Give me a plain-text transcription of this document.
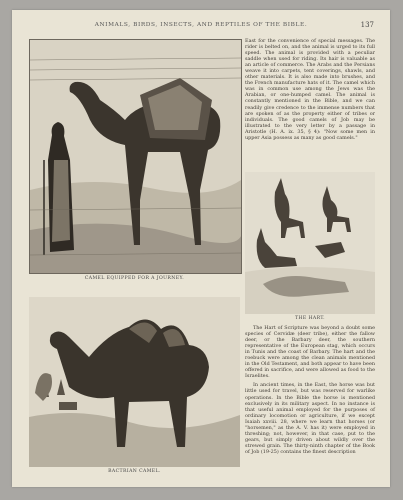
ANIMALS, BIRDS, INSECTS, AND REPTILES OF THE BIBLE.	137
CAMEL EQUIPPED FOR A JOURNEY.
THE HART.
BACTRIAN CAMEL.

East for the convenience of special messages. The rider is belted on, and the animal is urged to its full speed. The animal is provided with a peculiar saddle when used for riding. Its hair is valuable as an article of commerce. The Arabs and the Persians weave it into carpets, tent coverings, shawls, and other materials. It is also made into brushes, and the French manufacture hats of it. The camel which was in common use among the Jews was the Arabian, or one-humped camel. The animal is constantly mentioned in the Bible, and we can readily give credence to the immense numbers that are spoken of as the property either of tribes or individuals. The good camels of Job may be illustrated to the very letter by a passage in Aristotle (H. A. ix. 35, § 4): "Now some men in upper Asia possess as many as good camels."

The Hart of Scripture was beyond a doubt some species of Cervidæ (deer tribe), either the fallow deer, or the Barbary deer, the southern representative of the European stag, which occurs in Tunis and the coast of Barbary. The hart and the roebuck were among the clean animals mentioned in the Old Testament, and both appear to have been offered in sacrifice, and were allowed as food to the Israelites.

In ancient times, in the East, the horse was but little used for travel, but was reserved for warlike operations. In the Bible the horse is mentioned exclusively in its military aspect. In no instance is that useful animal employed for the purposes of ordinary locomotion or agriculture, if we except Isaiah xxviii. 28, where we learn that horses (or "horsemen," as the A. V. has it) were employed in threshing; not, however, in that case, put to the gears, but simply driven about wildly over the strewed grain. The thirty-ninth chapter of the Book of Job (19-25) contains the finest description
